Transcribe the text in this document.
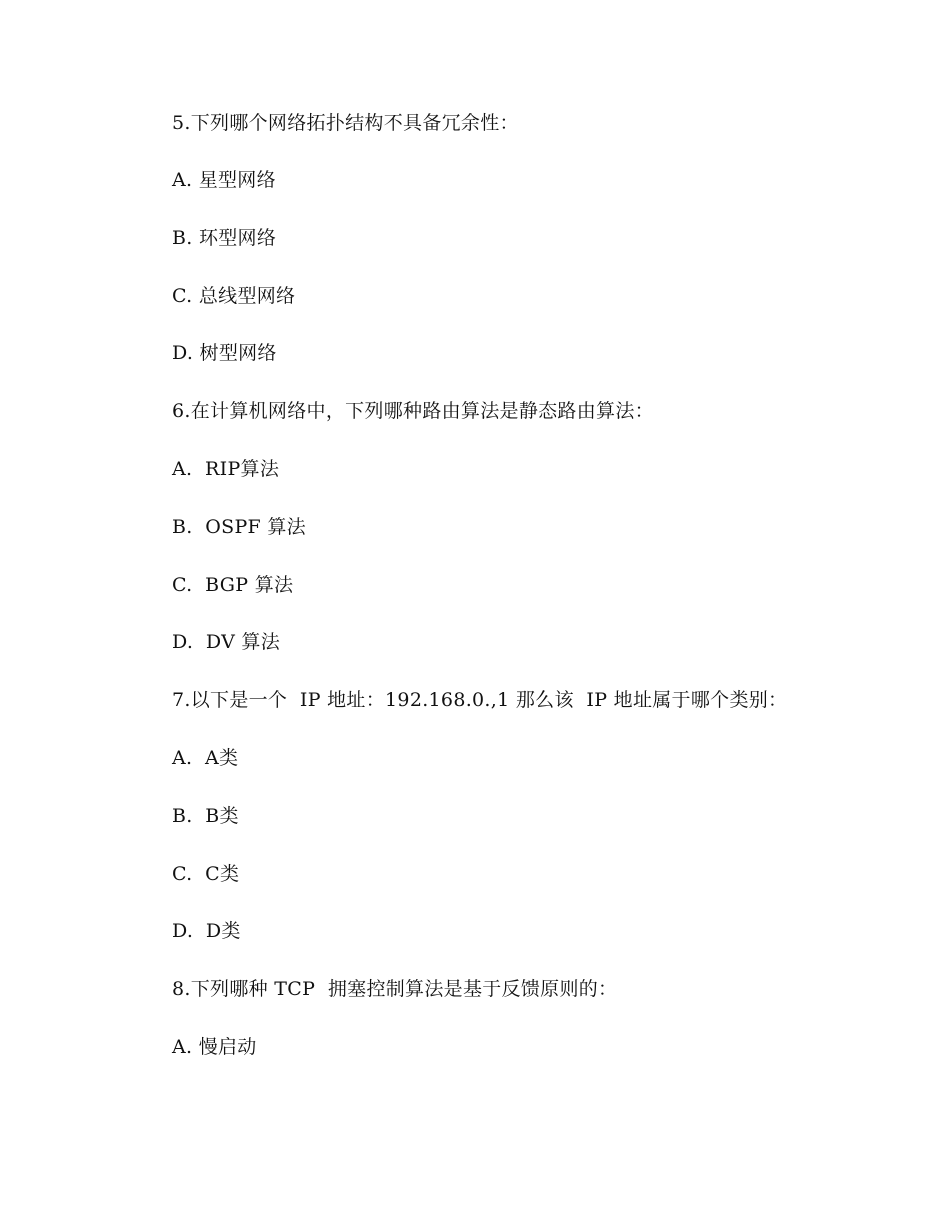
5.下列哪个网络拓扑结构不具备冗余性：
A. 星型网络
B. 环型网络
C. 总线型网络
D. 树型网络
6.在计算机网络中，下列哪种路由算法是静态路由算法：
A.  RIP算法
B.  OSPF 算法
C.  BGP 算法
D.  DV 算法
7.以下是一个  IP 地址：192.168.0.,1 那么该  IP 地址属于哪个类别：
A.  A类
B.  B类
C.  C类
D.  D类
8.下列哪种 TCP  拥塞控制算法是基于反馈原则的：
A. 慢启动
